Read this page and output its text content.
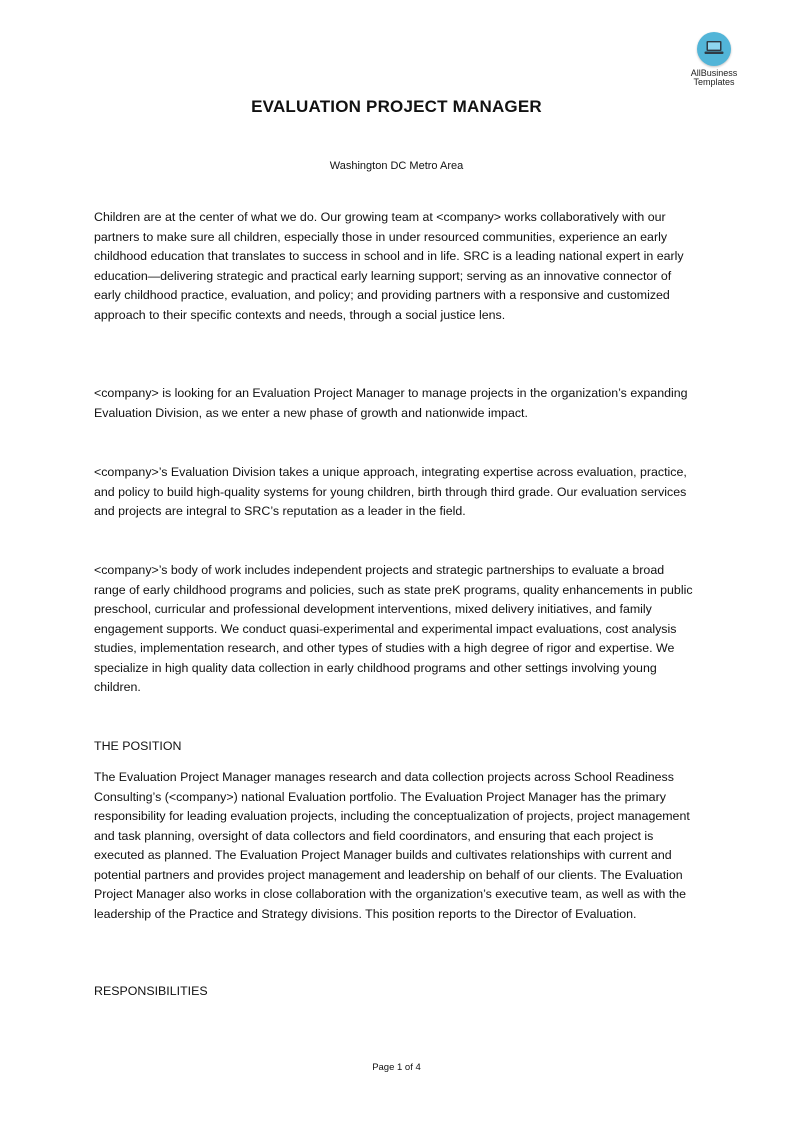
AllBusiness
Templates
EVALUATION PROJECT MANAGER
Washington DC Metro Area

Children are at the center of what we do. Our growing team at <company> works collaboratively with our partners to make sure all children, especially those in under resourced communities, experience an early childhood education that translates to success in school and in life. SRC is a leading national expert in early education—delivering strategic and practical early learning support; serving as an innovative connector of early childhood practice, evaluation, and policy; and providing partners with a responsive and customized approach to their specific contexts and needs, through a social justice lens.

<company> is looking for an Evaluation Project Manager to manage projects in the organization’s expanding Evaluation Division, as we enter a new phase of growth and nationwide impact.

<company>’s Evaluation Division takes a unique approach, integrating expertise across evaluation, practice, and policy to build high-quality systems for young children, birth through third grade. Our evaluation services and projects are integral to SRC’s reputation as a leader in the field.

<company>’s body of work includes independent projects and strategic partnerships to evaluate a broad range of early childhood programs and policies, such as state preK programs, quality enhancements in public preschool, curricular and professional development interventions, mixed delivery initiatives, and family engagement supports. We conduct quasi-experimental and experimental impact evaluations, cost analysis studies, implementation research, and other types of studies with a high degree of rigor and expertise. We specialize in high quality data collection in early childhood programs and other settings involving young children.

THE POSITION

The Evaluation Project Manager manages research and data collection projects across School Readiness Consulting’s (<company>) national Evaluation portfolio. The Evaluation Project Manager has the primary responsibility for leading evaluation projects, including the conceptualization of projects, project management and task planning, oversight of data collectors and field coordinators, and ensuring that each project is executed as planned. The Evaluation Project Manager builds and cultivates relationships with current and potential partners and provides project management and leadership on behalf of our clients. The Evaluation Project Manager also works in close collaboration with the organization’s executive team, as well as with the leadership of the Practice and Strategy divisions. This position reports to the Director of Evaluation.

RESPONSIBILITIES

Page 1 of 4
